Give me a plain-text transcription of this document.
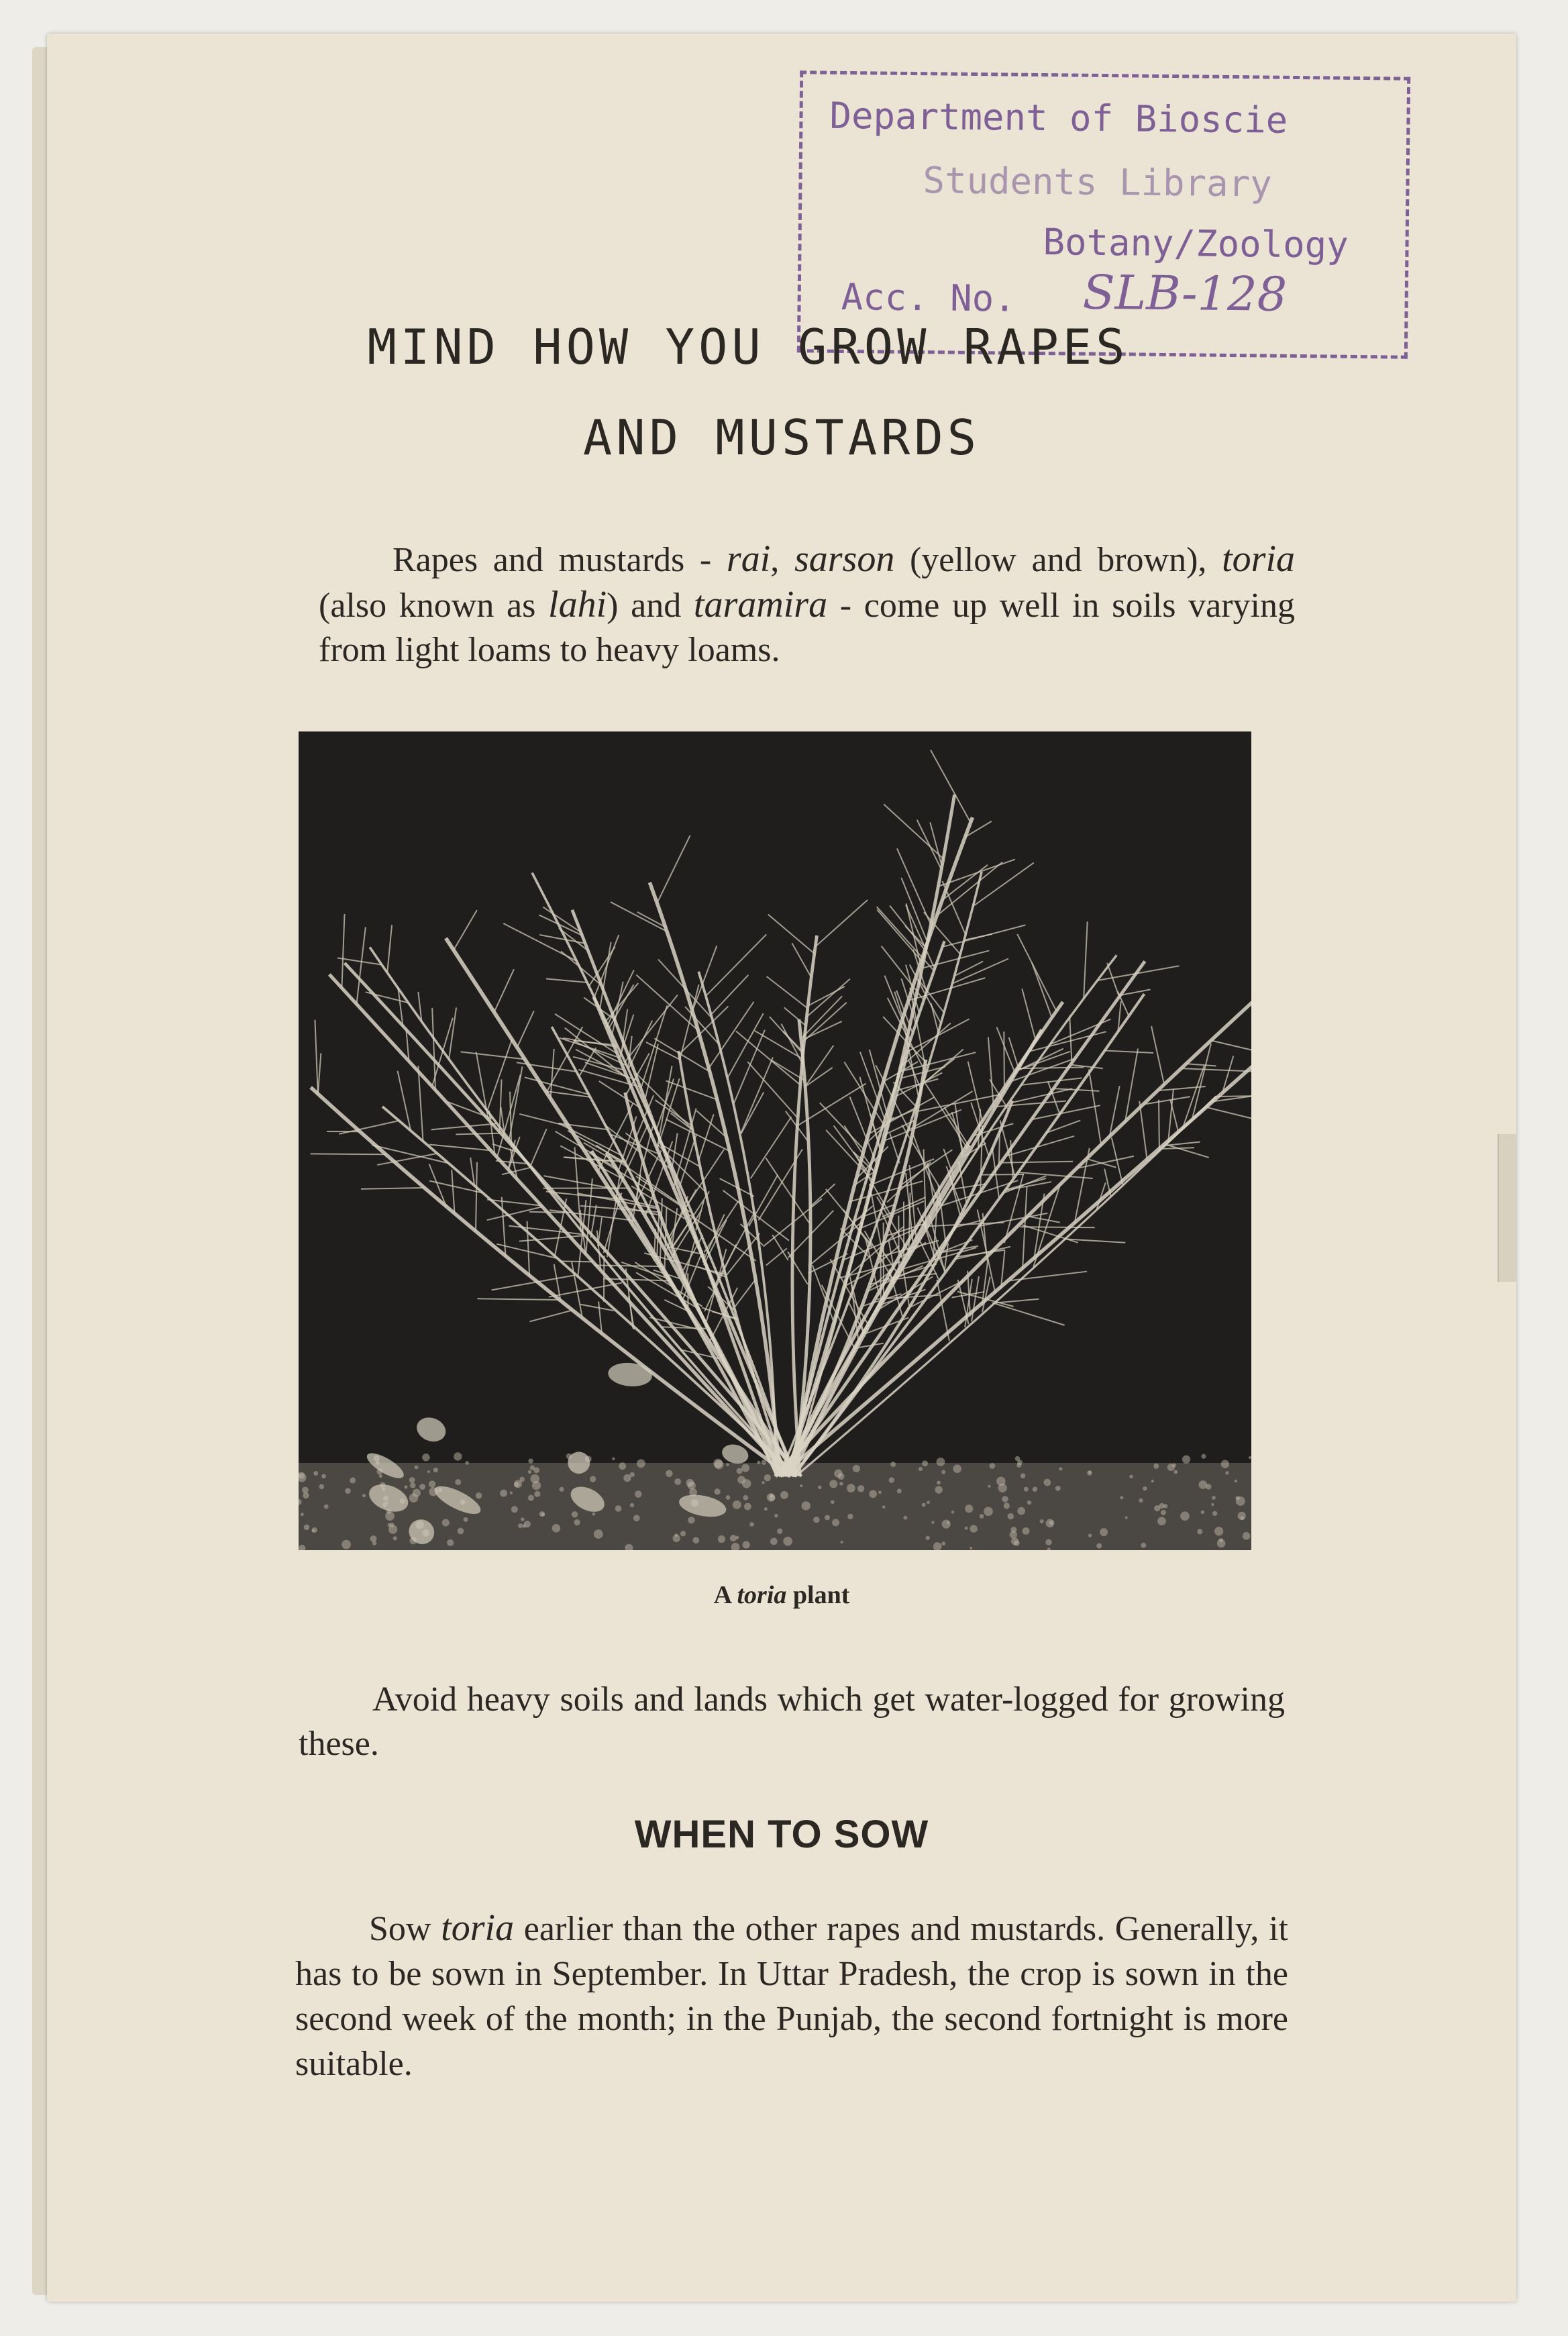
Department of Bioscie
Students Library
Botany/Zoology
Acc. No. SLB-128
MIND HOW YOU GROW RAPES
AND MUSTARDS
Rapes and mustards - rai, sarson (yellow and brown), toria (also known as lahi) and taramira - come up well in soils varying from light loams to heavy loams.
A toria plant
Avoid heavy soils and lands which get water-logged for growing these.
WHEN TO SOW
Sow toria earlier than the other rapes and mustards. Generally, it has to be sown in September. In Uttar Pradesh, the crop is sown in the second week of the month; in the Punjab, the second fortnight is more suitable.
